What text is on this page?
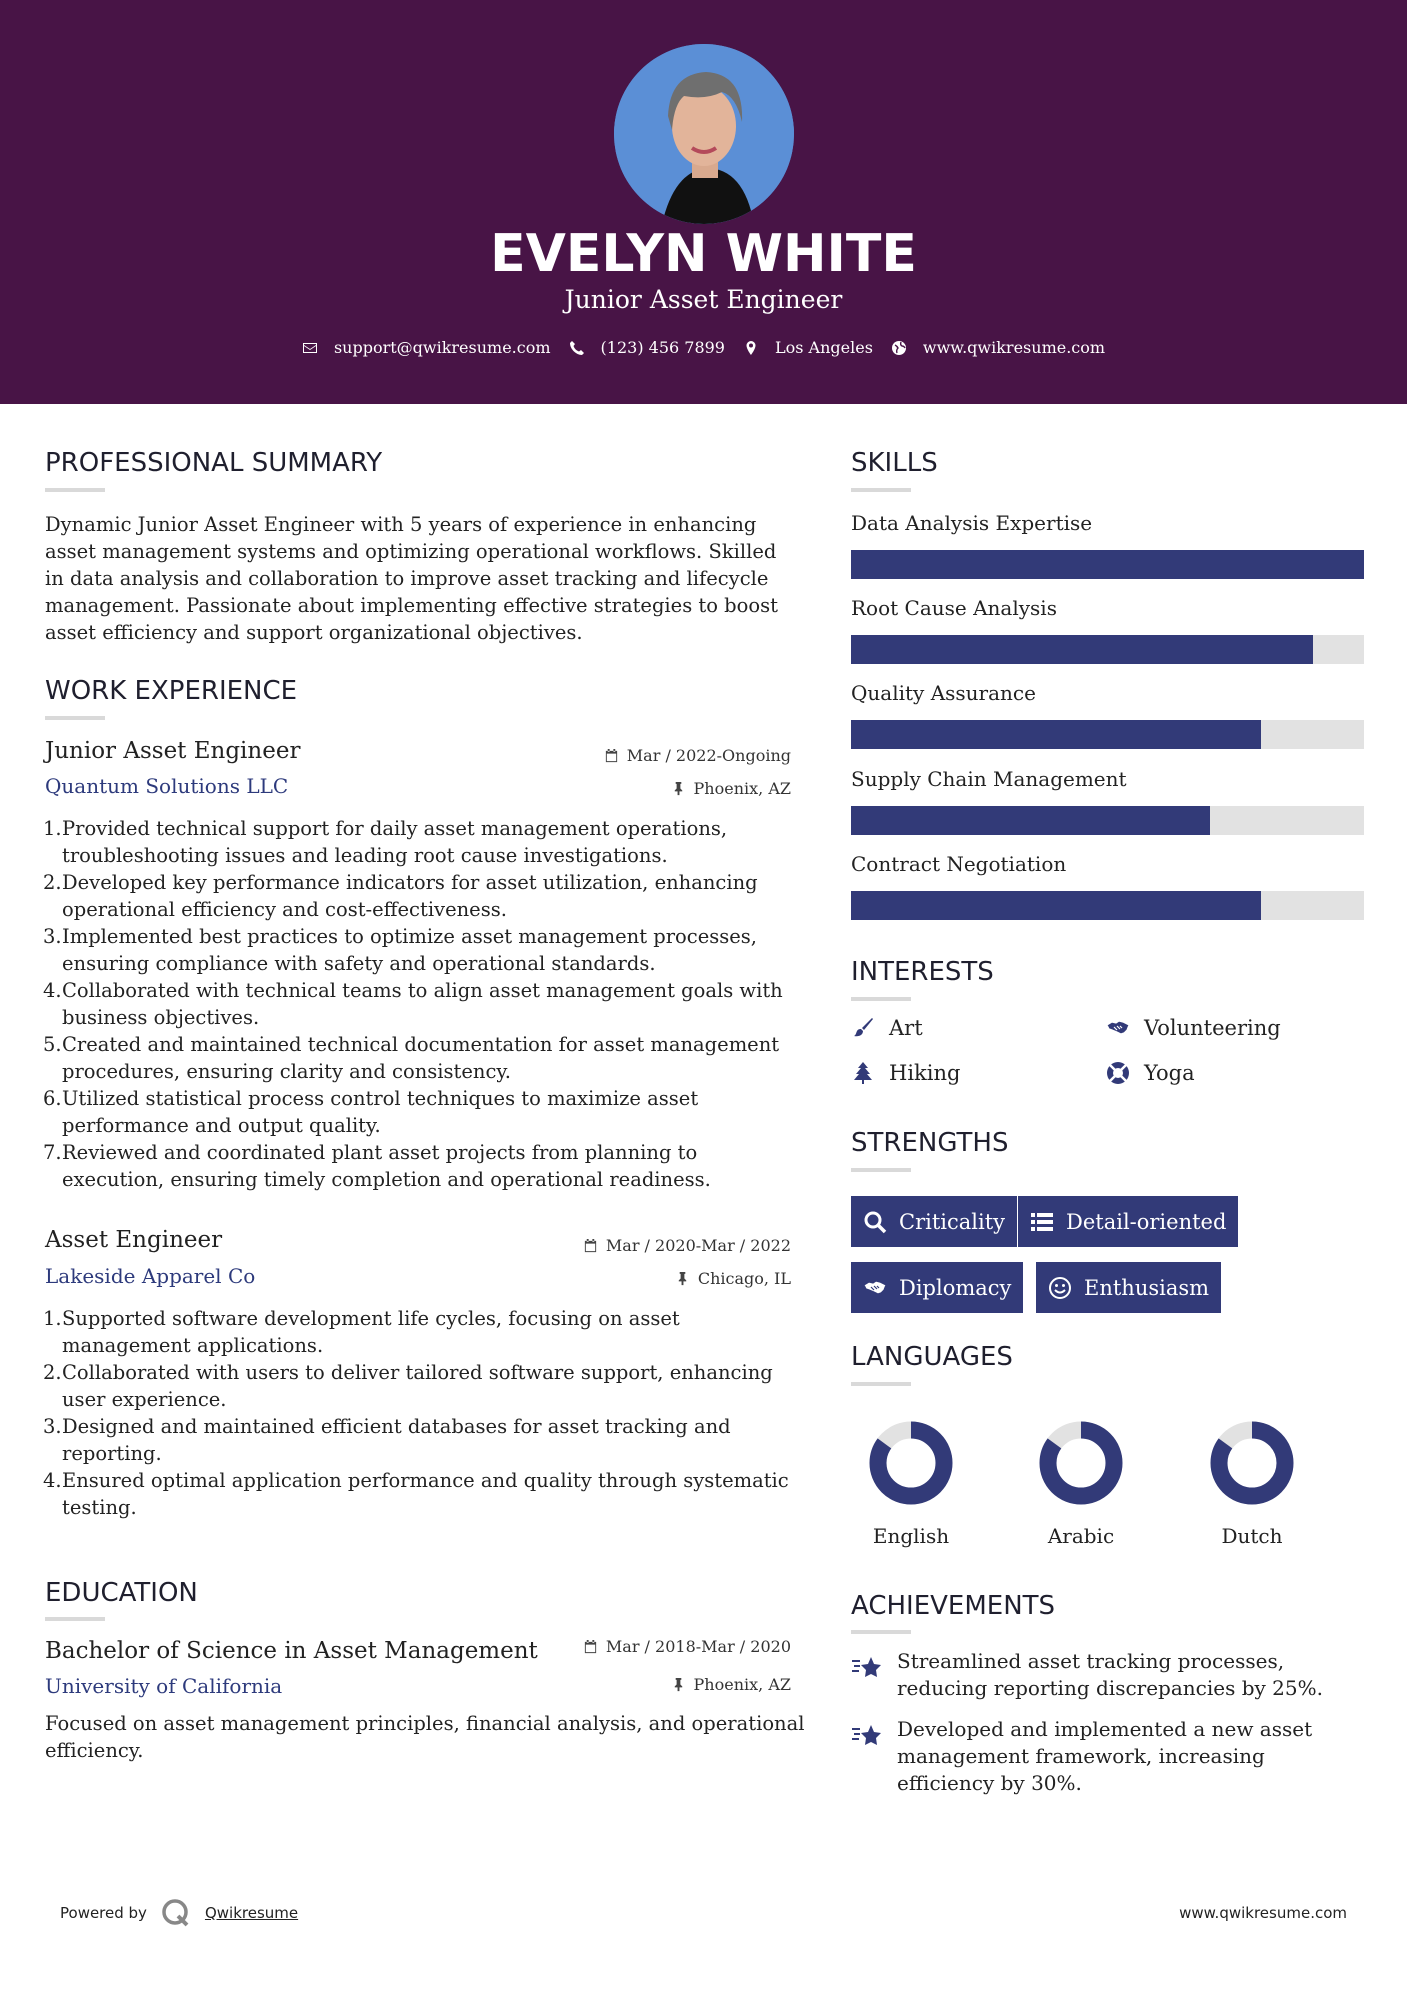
EVELYN WHITE
Junior Asset Engineer
support@qwikresume.com	(123) 456 7899	Los Angeles	www.qwikresume.com
PROFESSIONAL SUMMARY
Dynamic Junior Asset Engineer with 5 years of experience in enhancing asset management systems and optimizing operational workflows. Skilled in data analysis and collaboration to improve asset tracking and lifecycle management. Passionate about implementing effective strategies to boost asset efficiency and support organizational objectives.
WORK EXPERIENCE
Junior Asset Engineer	Mar / 2022-Ongoing
Quantum Solutions LLC	Phoenix, AZ
1. Provided technical support for daily asset management operations, troubleshooting issues and leading root cause investigations.
2. Developed key performance indicators for asset utilization, enhancing operational efficiency and cost-effectiveness.
3. Implemented best practices to optimize asset management processes, ensuring compliance with safety and operational standards.
4. Collaborated with technical teams to align asset management goals with business objectives.
5. Created and maintained technical documentation for asset management procedures, ensuring clarity and consistency.
6. Utilized statistical process control techniques to maximize asset performance and output quality.
7. Reviewed and coordinated plant asset projects from planning to execution, ensuring timely completion and operational readiness.
Asset Engineer	Mar / 2020-Mar / 2022
Lakeside Apparel Co	Chicago, IL
1. Supported software development life cycles, focusing on asset management applications.
2. Collaborated with users to deliver tailored software support, enhancing user experience.
3. Designed and maintained efficient databases for asset tracking and reporting.
4. Ensured optimal application performance and quality through systematic testing.
EDUCATION
Bachelor of Science in Asset Management	Mar / 2018-Mar / 2020
University of California	Phoenix, AZ
Focused on asset management principles, financial analysis, and operational efficiency.
SKILLS
Data Analysis Expertise
Root Cause Analysis
Quality Assurance
Supply Chain Management
Contract Negotiation
INTERESTS
Art	Volunteering
Hiking	Yoga
STRENGTHS
Criticality	Detail-oriented
Diplomacy	Enthusiasm
LANGUAGES
English	Arabic	Dutch
ACHIEVEMENTS
Streamlined asset tracking processes, reducing reporting discrepancies by 25%.
Developed and implemented a new asset management framework, increasing efficiency by 30%.
Powered by	Qwikresume	www.qwikresume.com
